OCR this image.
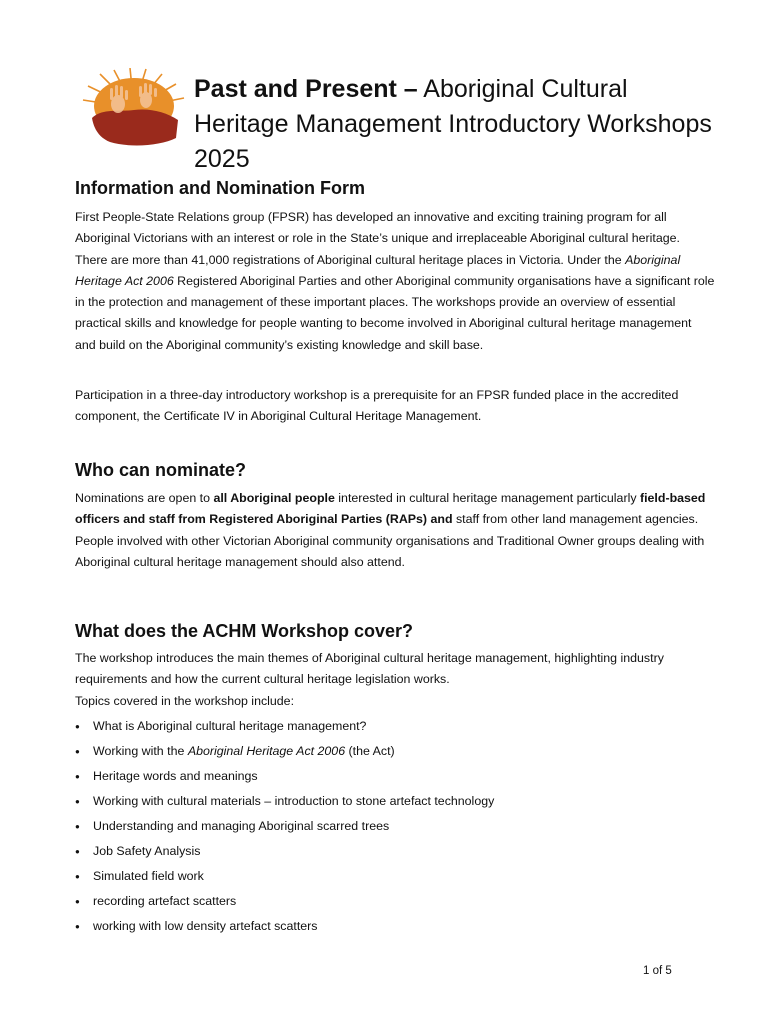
Past and Present – Aboriginal Cultural Heritage Management Introductory Workshops 2025
Information and Nomination Form

First People-State Relations group (FPSR) has developed an innovative and exciting training program for all Aboriginal Victorians with an interest or role in the State’s unique and irreplaceable Aboriginal cultural heritage. There are more than 41,000 registrations of Aboriginal cultural heritage places in Victoria. Under the Aboriginal Heritage Act 2006 Registered Aboriginal Parties and other Aboriginal community organisations have a significant role in the protection and management of these important places. The workshops provide an overview of essential practical skills and knowledge for people wanting to become involved in Aboriginal cultural heritage management and build on the Aboriginal community’s existing knowledge and skill base.

Participation in a three-day introductory workshop is a prerequisite for an FPSR funded place in the accredited component, the Certificate IV in Aboriginal Cultural Heritage Management.

Who can nominate?

Nominations are open to all Aboriginal people interested in cultural heritage management particularly field-based officers and staff from Registered Aboriginal Parties (RAPs) and staff from other land management agencies. People involved with other Victorian Aboriginal community organisations and Traditional Owner groups dealing with Aboriginal cultural heritage management should also attend.

What does the ACHM Workshop cover?

The workshop introduces the main themes of Aboriginal cultural heritage management, highlighting industry requirements and how the current cultural heritage legislation works.
Topics covered in the workshop include:

● What is Aboriginal cultural heritage management?
● Working with the Aboriginal Heritage Act 2006 (the Act)
● Heritage words and meanings
● Working with cultural materials – introduction to stone artefact technology
● Understanding and managing Aboriginal scarred trees
● Job Safety Analysis
● Simulated field work
● recording artefact scatters
● working with low density artefact scatters
1 of 5
